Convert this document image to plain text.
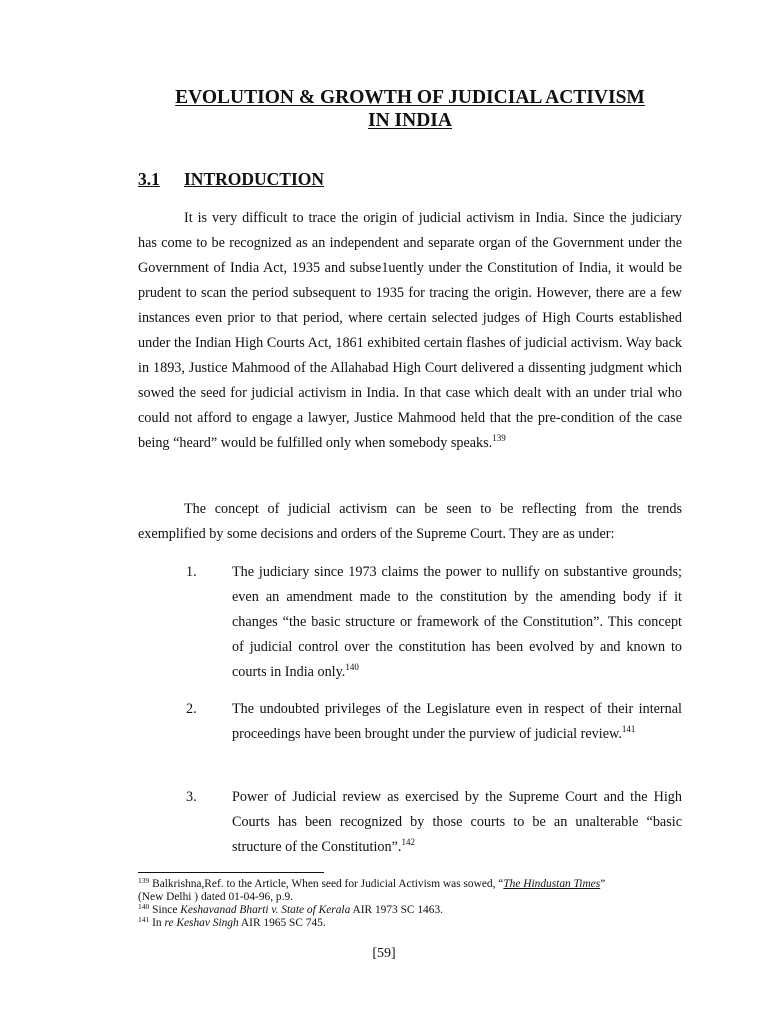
EVOLUTION & GROWTH OF JUDICIAL ACTIVISM
IN INDIA
3.1 INTRODUCTION

It is very difficult to trace the origin of judicial activism in India. Since the judiciary has come to be recognized as an independent and separate organ of the Government under the Government of India Act, 1935 and subse1uently under the Constitution of India, it would be prudent to scan the period subsequent to 1935 for tracing the origin. However, there are a few instances even prior to that period, where certain selected judges of High Courts established under the Indian High Courts Act, 1861 exhibited certain flashes of judicial activism. Way back in 1893, Justice Mahmood of the Allahabad High Court delivered a dissenting judgment which sowed the seed for judicial activism in India. In that case which dealt with an under trial who could not afford to engage a lawyer, Justice Mahmood held that the pre-condition of the case being “heard” would be fulfilled only when somebody speaks.$^{139}$

The concept of judicial activism can be seen to be reflecting from the trends exemplified by some decisions and orders of the Supreme Court. They are as under:

1. The judiciary since 1973 claims the power to nullify on substantive grounds; even an amendment made to the constitution by the amending body if it changes “the basic structure or framework of the Constitution”. This concept of judicial control over the constitution has been evolved by and known to courts in India only.$^{140}$

2. The undoubted privileges of the Legislature even in respect of their internal proceedings have been brought under the purview of judicial review.$^{141}$

3. Power of Judicial review as exercised by the Supreme Court and the High Courts has been recognized by those courts to be an unalterable “basic structure of the Constitution”.$^{142}$

$^{139}$ Balkrishna,Ref. to the Article, When seed for Judicial Activism was sowed, “The Hindustan Times”
(New Delhi ) dated 01-04-96, p.9.

$^{140}$ Since Keshavanad Bharti v. State of Kerala AIR 1973 SC 1463.

$^{141}$ In re Keshav Singh AIR 1965 SC 745.

[59]
